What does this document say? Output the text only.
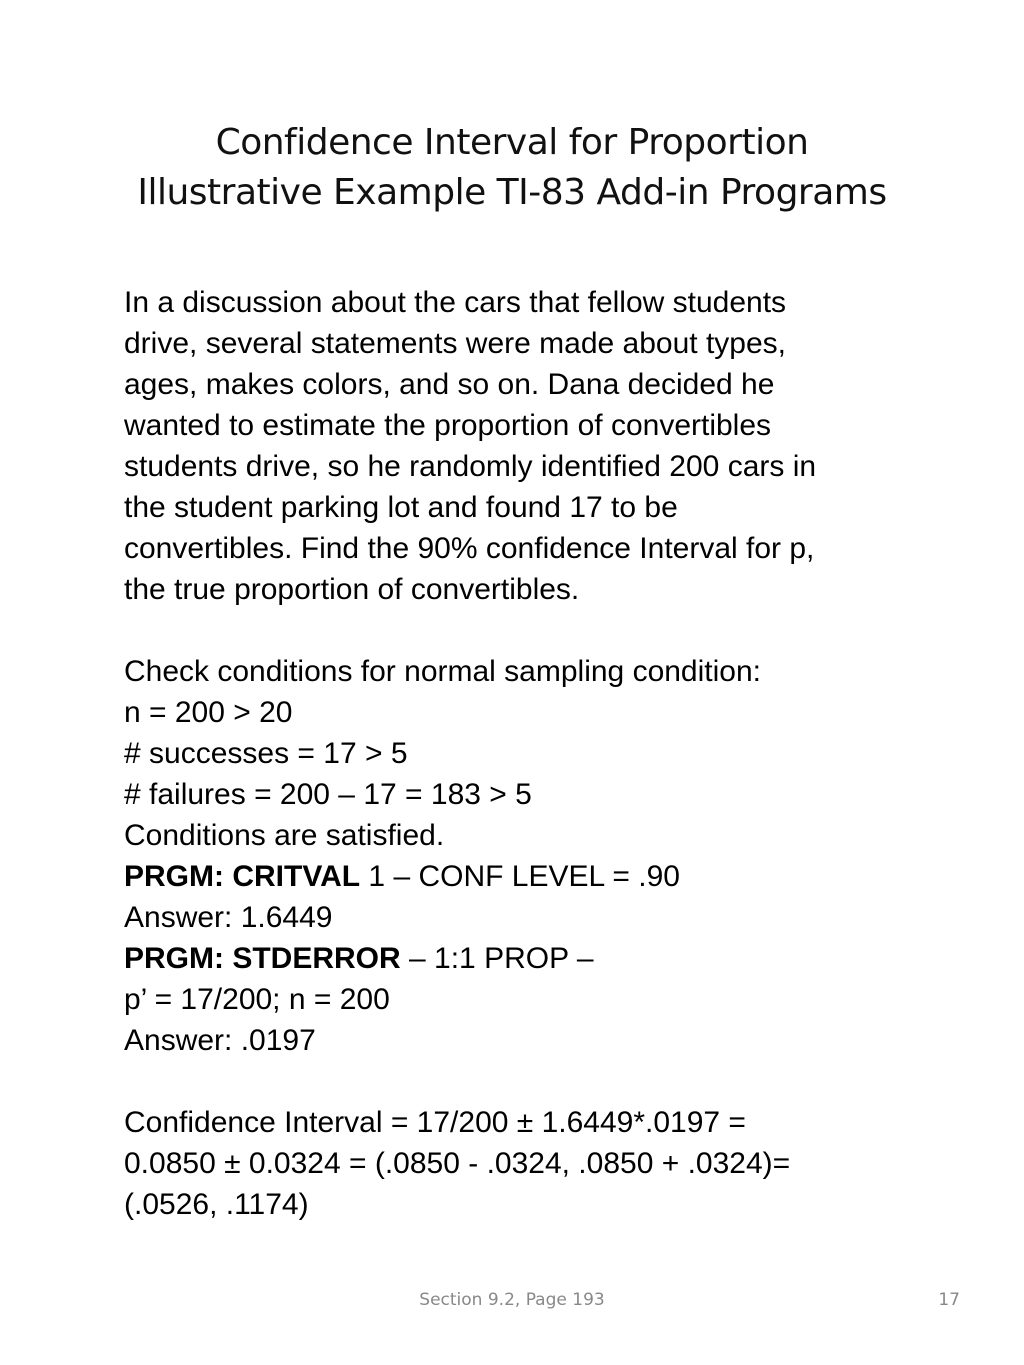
Confidence Interval for Proportion
Illustrative Example TI-83 Add-in Programs
In a discussion about the cars that fellow students
drive, several statements were made about types,
ages, makes colors, and so on. Dana decided he
wanted to estimate the proportion of convertibles
students drive, so he randomly identified 200 cars in
the student parking lot and found 17 to be
convertibles. Find the 90% confidence Interval for p,
the true proportion of convertibles.
Check conditions for normal sampling condition:
n = 200 > 20
# successes = 17 > 5
# failures = 200 – 17 = 183 > 5
Conditions are satisfied.
PRGM: CRITVAL 1 – CONF LEVEL = .90
Answer: 1.6449
PRGM: STDERROR – 1:1 PROP –
p’ = 17/200; n = 200
Answer: .0197
Confidence Interval = 17/200 ± 1.6449*.0197 =
0.0850 ± 0.0324 = (.0850 - .0324, .0850 + .0324)=
(.0526, .1174)
Section 9.2, Page 193	17
